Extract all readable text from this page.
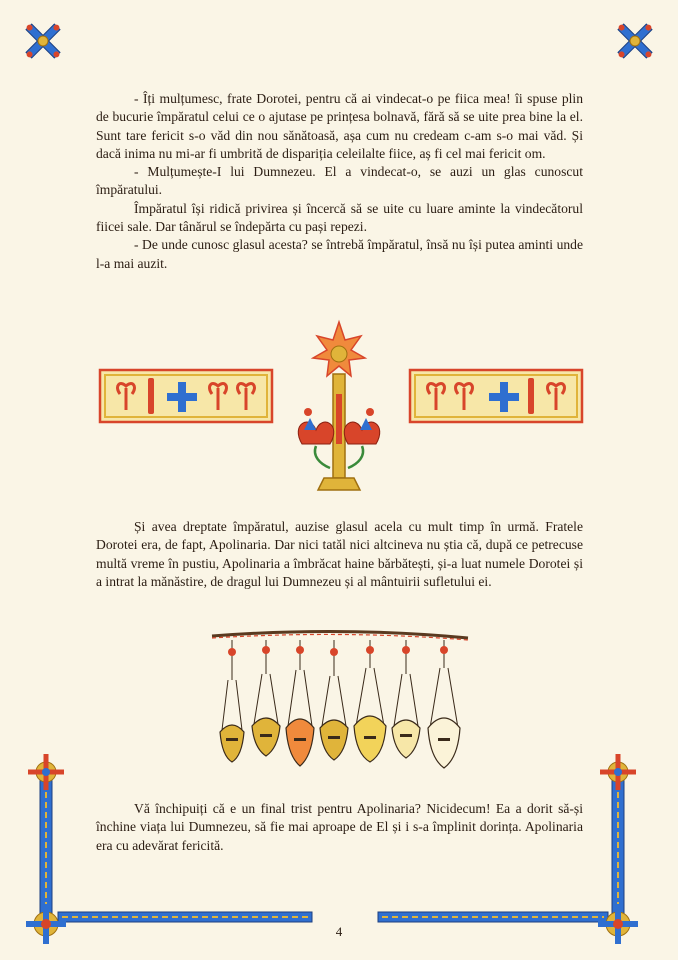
- Îți mulțumesc, frate Dorotei, pentru că ai vindecat-o pe fiica mea! îi spuse plin de bucurie împăratul celui ce o ajutase pe prințesa bolnavă, fără să se uite prea bine la el. Sunt tare fericit s-o văd din nou sănătoasă, așa cum nu credeam c-am s-o mai văd. Și dacă inima nu mi-ar fi umbrită de dispariția celeilalte fiice, aș fi cel mai fericit om.

- Mulțumește-I lui Dumnezeu. El a vindecat-o, se auzi un glas cunoscut împăratului.

Împăratul își ridică privirea și încercă să se uite cu luare aminte la vindecătorul fiicei sale. Dar tânărul se îndepărta cu pași repezi.

- De unde cunosc glasul acesta? se întrebă împăratul, însă nu își putea aminti unde l-a mai auzit.

Și avea dreptate împăratul, auzise glasul acela cu mult timp în urmă. Fratele Dorotei era, de fapt, Apolinaria. Dar nici tatăl nici altcineva nu știa că, după ce petrecuse multă vreme în pustiu, Apolinaria a îmbrăcat haine bărbătești, și-a luat numele Dorotei și a intrat la mănăstire, de dragul lui Dumnezeu și al mântuirii sufletului ei.

Vă închipuiți că e un final trist pentru Apolinaria? Nicidecum! Ea a dorit să-și închine viața lui Dumnezeu, să fie mai aproape de El și i s-a împlinit dorința. Apolinaria era cu adevărat fericită.

4
